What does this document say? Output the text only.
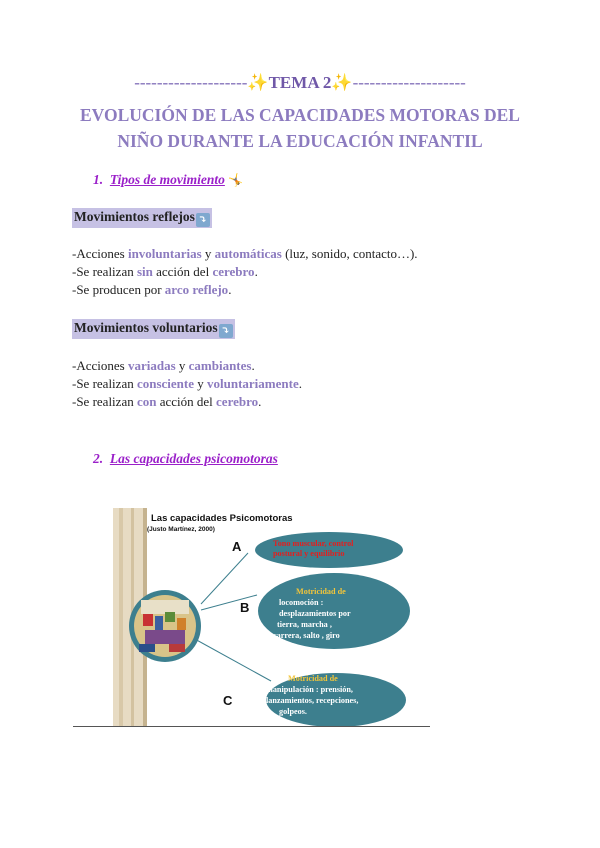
--------------------✨TEMA 2✨--------------------
EVOLUCIÓN DE LAS CAPACIDADES MOTORAS DEL
NIÑO DURANTE LA EDUCACIÓN INFANTIL
1. Tipos de movimiento 🤸
Movimientos reflejos ⤵
-Acciones involuntarias y automáticas (luz, sonido, contacto…).
-Se realizan sin acción del cerebro.
-Se producen por arco reflejo.
Movimientos voluntarios ⤵
-Acciones variadas y cambiantes.
-Se realizan consciente y voluntariamente.
-Se realizan con acción del cerebro.
2. Las capacidades psicomotoras
Las capacidades Psicomotoras
(Justo Martínez, 2000)
A
B
C
Tono muscular, control postural y equilibrio
Motricidad de
locomoción : desplazamientos por tierra, marcha , carrera, salto , giro
Motricidad de
manipulación : prensión, lanzamientos, recepciones, golpeos.
